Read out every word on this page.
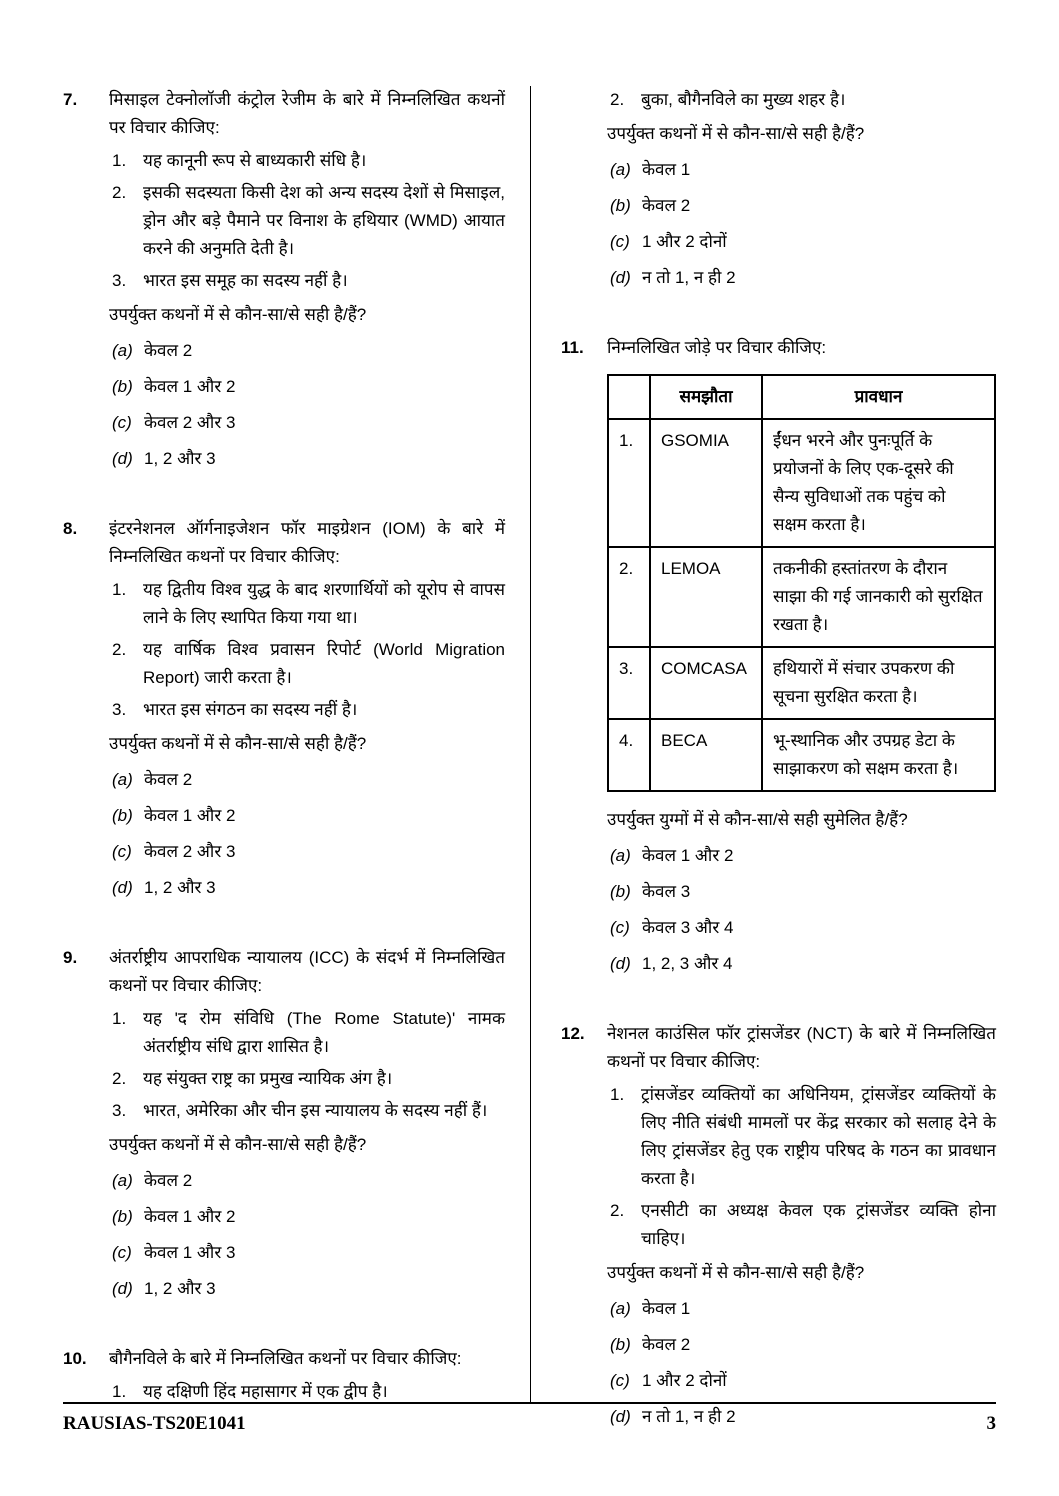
7.	मिसाइल टेक्नोलॉजी कंट्रोल रेजीम के बारे में निम्नलिखित कथनों पर विचार कीजिए:
1. यह कानूनी रूप से बाध्यकारी संधि है।
2. इसकी सदस्यता किसी देश को अन्य सदस्य देशों से मिसाइल, ड्रोन और बड़े पैमाने पर विनाश के हथियार (WMD) आयात करने की अनुमति देती है।
3. भारत इस समूह का सदस्य नहीं है।
उपर्युक्त कथनों में से कौन-सा/से सही है/हैं?
(a) केवल 2
(b) केवल 1 और 2
(c) केवल 2 और 3
(d) 1, 2 और 3
8.	इंटरनेशनल ऑर्गनाइजेशन फॉर माइग्रेशन (IOM) के बारे में निम्नलिखित कथनों पर विचार कीजिए:
1. यह द्वितीय विश्व युद्ध के बाद शरणार्थियों को यूरोप से वापस लाने के लिए स्थापित किया गया था।
2. यह वार्षिक विश्व प्रवासन रिपोर्ट (World Migration Report) जारी करता है।
3. भारत इस संगठन का सदस्य नहीं है।
उपर्युक्त कथनों में से कौन-सा/से सही है/हैं?
(a) केवल 2
(b) केवल 1 और 2
(c) केवल 2 और 3
(d) 1, 2 और 3
9.	अंतर्राष्ट्रीय आपराधिक न्यायालय (ICC) के संदर्भ में निम्नलिखित कथनों पर विचार कीजिए:
1. यह 'द रोम संविधि (The Rome Statute)' नामक अंतर्राष्ट्रीय संधि द्वारा शासित है।
2. यह संयुक्त राष्ट्र का प्रमुख न्यायिक अंग है।
3. भारत, अमेरिका और चीन इस न्यायालय के सदस्य नहीं हैं।
उपर्युक्त कथनों में से कौन-सा/से सही है/हैं?
(a) केवल 2
(b) केवल 1 और 2
(c) केवल 1 और 3
(d) 1, 2 और 3
10.	बौगैनविले के बारे में निम्नलिखित कथनों पर विचार कीजिए:
1. यह दक्षिणी हिंद महासागर में एक द्वीप है।
2. बुका, बौगैनविले का मुख्य शहर है।
उपर्युक्त कथनों में से कौन-सा/से सही है/हैं?
(a) केवल 1
(b) केवल 2
(c) 1 और 2 दोनों
(d) न तो 1, न ही 2
11.	निम्नलिखित जोड़े पर विचार कीजिए:
	समझौता	प्रावधान
1.	GSOMIA	ईंधन भरने और पुनःपूर्ति के प्रयोजनों के लिए एक-दूसरे की सैन्य सुविधाओं तक पहुंच को सक्षम करता है।
2.	LEMOA	तकनीकी हस्तांतरण के दौरान साझा की गई जानकारी को सुरक्षित रखता है।
3.	COMCASA	हथियारों में संचार उपकरण की सूचना सुरक्षित करता है।
4.	BECA	भू-स्थानिक और उपग्रह डेटा के साझाकरण को सक्षम करता है।
उपर्युक्त युग्मों में से कौन-सा/से सही सुमेलित है/हैं?
(a) केवल 1 और 2
(b) केवल 3
(c) केवल 3 और 4
(d) 1, 2, 3 और 4
12.	नेशनल काउंसिल फॉर ट्रांसजेंडर (NCT) के बारे में निम्नलिखित कथनों पर विचार कीजिए:
1. ट्रांसजेंडर व्यक्तियों का अधिनियम, ट्रांसजेंडर व्यक्तियों के लिए नीति संबंधी मामलों पर केंद्र सरकार को सलाह देने के लिए ट्रांसजेंडर हेतु एक राष्ट्रीय परिषद के गठन का प्रावधान करता है।
2. एनसीटी का अध्यक्ष केवल एक ट्रांसजेंडर व्यक्ति होना चाहिए।
उपर्युक्त कथनों में से कौन-सा/से सही है/हैं?
(a) केवल 1
(b) केवल 2
(c) 1 और 2 दोनों
(d) न तो 1, न ही 2
RAUSIAS-TS20E1041	3
